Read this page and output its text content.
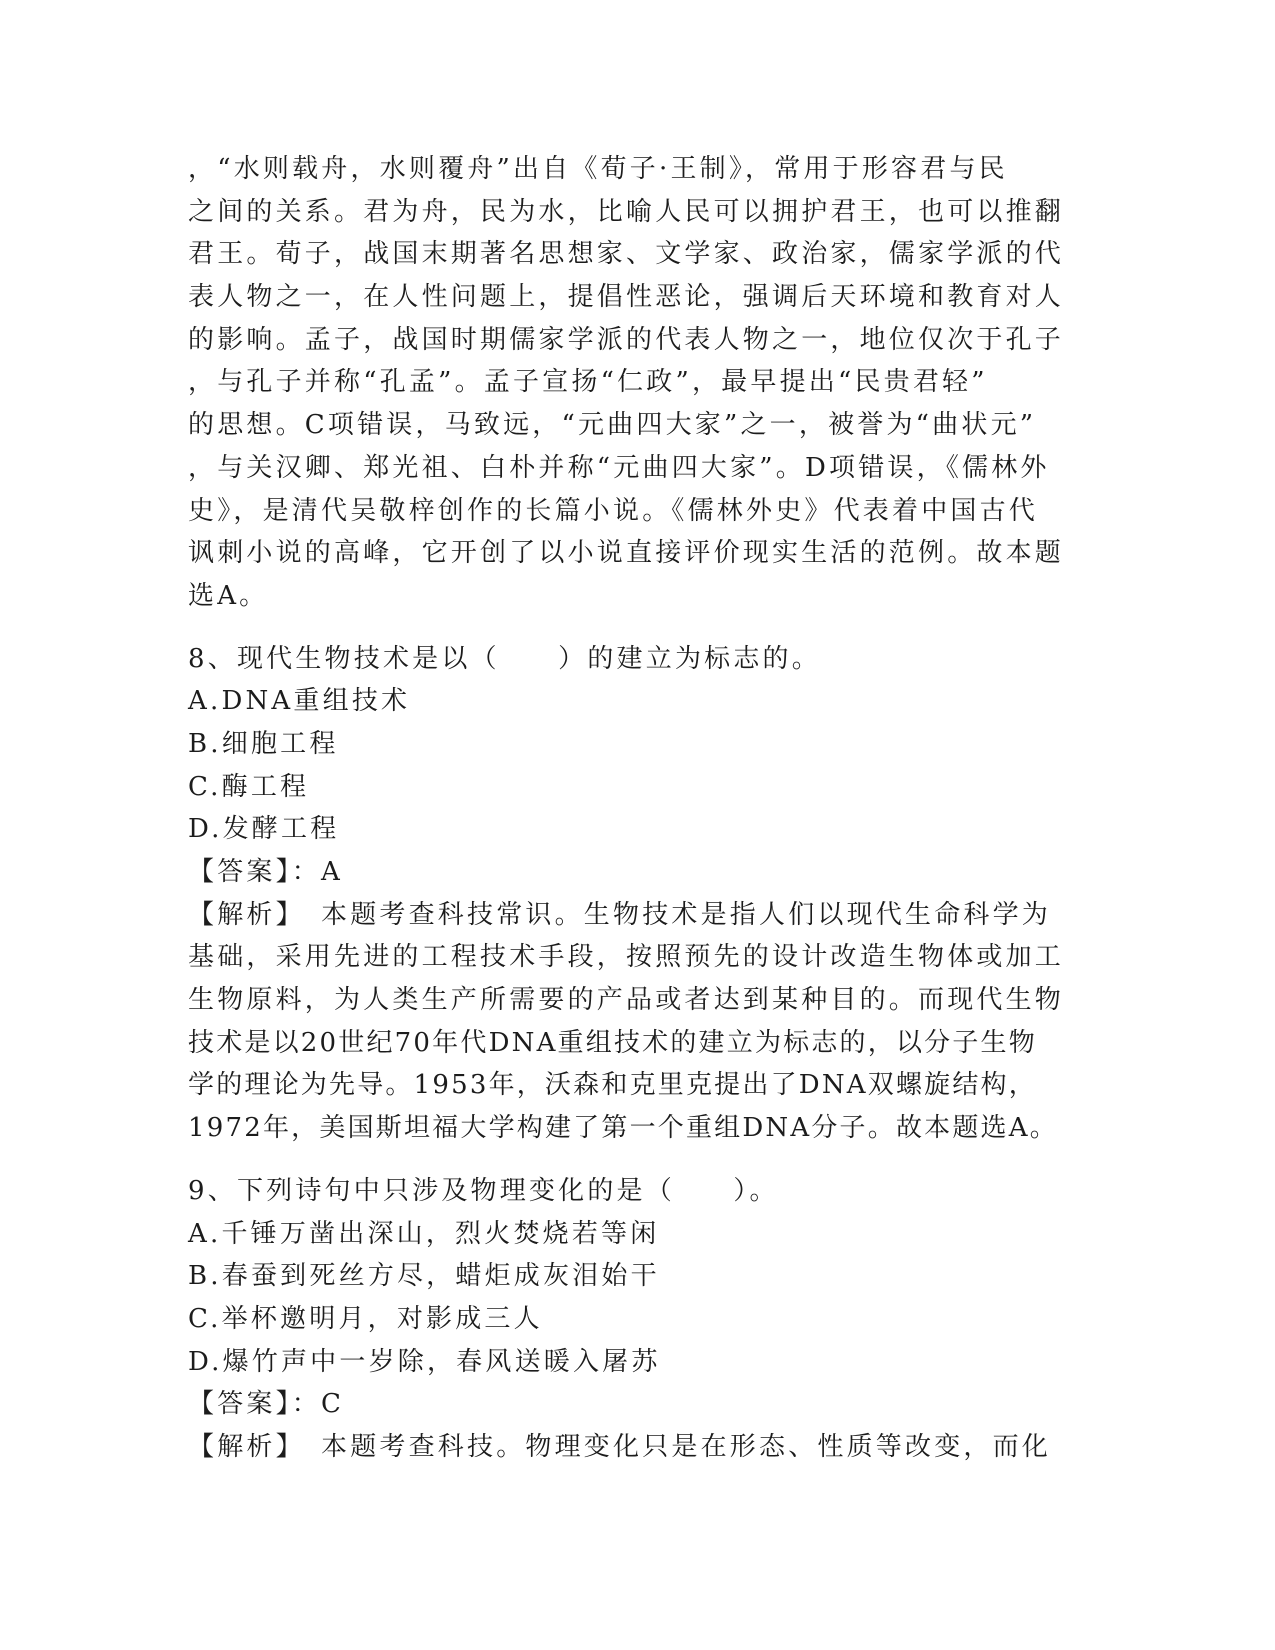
，“水则载舟，水则覆舟”出自《荀子·王制》，常用于形容君与民
之间的关系。君为舟，民为水，比喻人民可以拥护君王，也可以推翻
君王。荀子，战国末期著名思想家、文学家、政治家，儒家学派的代
表人物之一，在人性问题上，提倡性恶论，强调后天环境和教育对人
的影响。孟子，战国时期儒家学派的代表人物之一，地位仅次于孔子
，与孔子并称“孔孟”。孟子宣扬“仁政”，最早提出“民贵君轻”
的思想。C项错误，马致远，“元曲四大家”之一，被誉为“曲状元”
，与关汉卿、郑光祖、白朴并称“元曲四大家”。D项错误，《儒林外
史》，是清代吴敬梓创作的长篇小说。《儒林外史》代表着中国古代
讽刺小说的高峰，它开创了以小说直接评价现实生活的范例。故本题
选A。
8、现代生物技术是以（　　）的建立为标志的。
A.DNA重组技术
B.细胞工程
C.酶工程
D.发酵工程
【答案】：A
【解析】　本题考查科技常识。生物技术是指人们以现代生命科学为
基础，采用先进的工程技术手段，按照预先的设计改造生物体或加工
生物原料，为人类生产所需要的产品或者达到某种目的。而现代生物
技术是以20世纪70年代DNA重组技术的建立为标志的，以分子生物
学的理论为先导。1953年，沃森和克里克提出了DNA双螺旋结构，
1972年，美国斯坦福大学构建了第一个重组DNA分子。故本题选A。
9、下列诗句中只涉及物理变化的是（　　）。
A.千锤万凿出深山，烈火焚烧若等闲
B.春蚕到死丝方尽，蜡炬成灰泪始干
C.举杯邀明月，对影成三人
D.爆竹声中一岁除，春风送暖入屠苏
【答案】：C
【解析】　本题考查科技。物理变化只是在形态、性质等改变，而化
